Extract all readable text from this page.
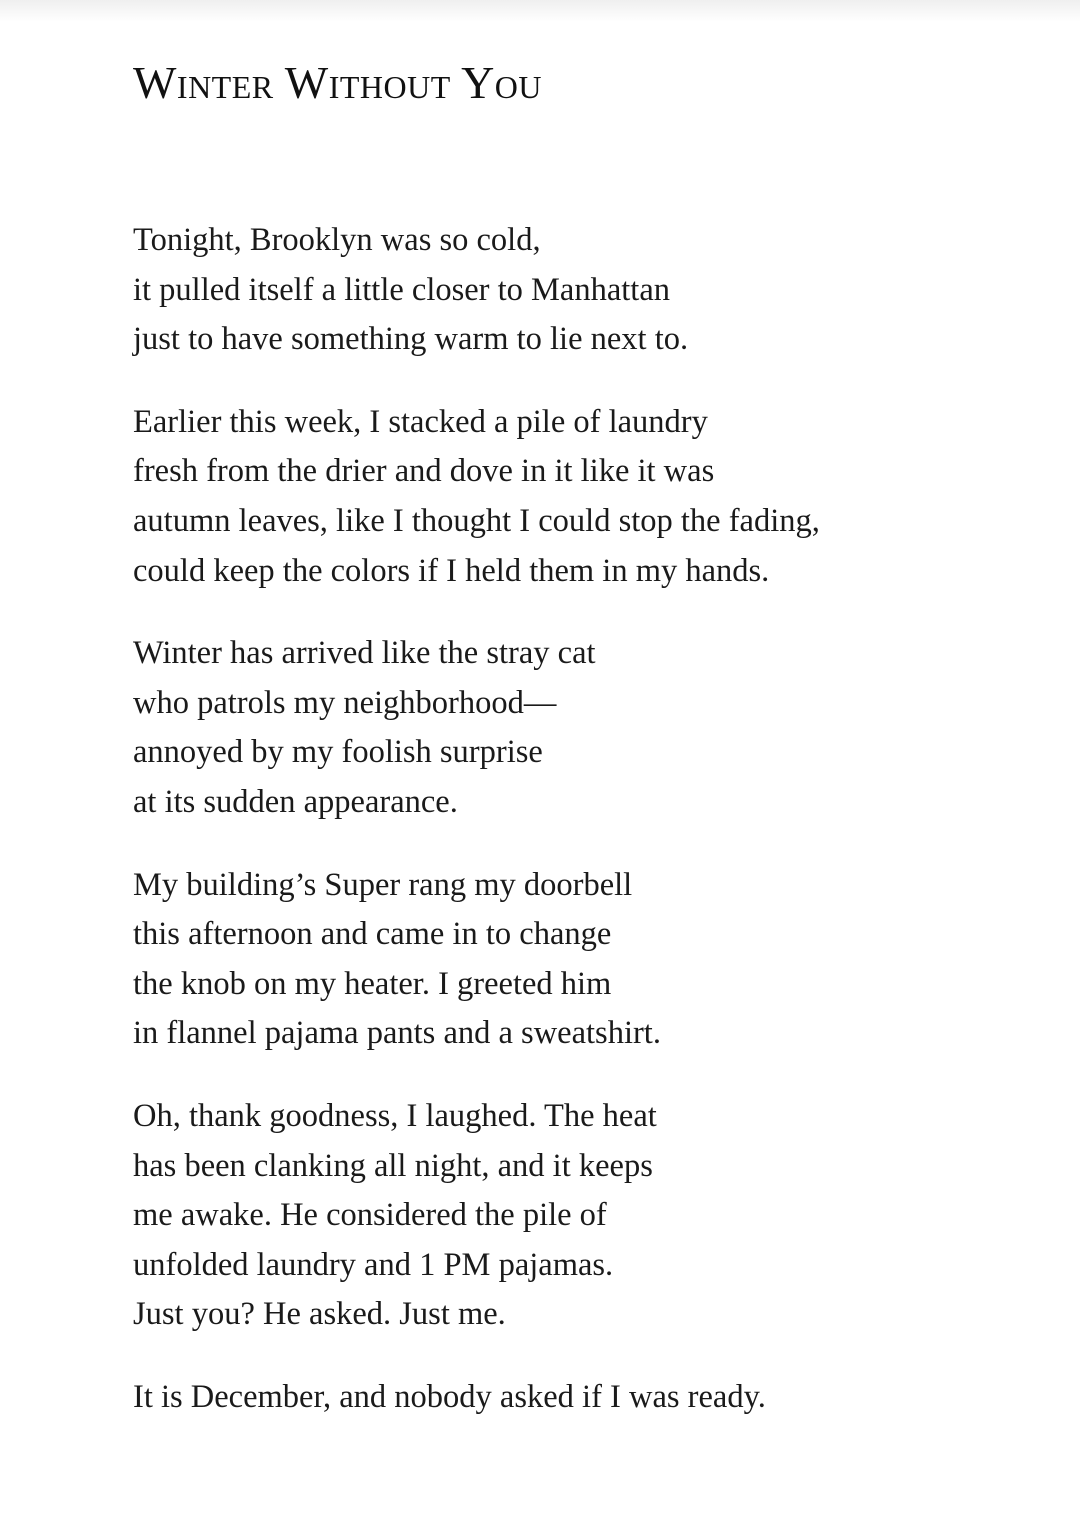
Winter Without You
Tonight, Brooklyn was so cold,
it pulled itself a little closer to Manhattan
just to have something warm to lie next to.
Earlier this week, I stacked a pile of laundry
fresh from the drier and dove in it like it was
autumn leaves, like I thought I could stop the fading,
could keep the colors if I held them in my hands.
Winter has arrived like the stray cat
who patrols my neighborhood—
annoyed by my foolish surprise
at its sudden appearance.
My building’s Super rang my doorbell
this afternoon and came in to change
the knob on my heater. I greeted him
in flannel pajama pants and a sweatshirt.
Oh, thank goodness, I laughed. The heat
has been clanking all night, and it keeps
me awake. He considered the pile of
unfolded laundry and 1 PM pajamas.
Just you? He asked. Just me.
It is December, and nobody asked if I was ready.
